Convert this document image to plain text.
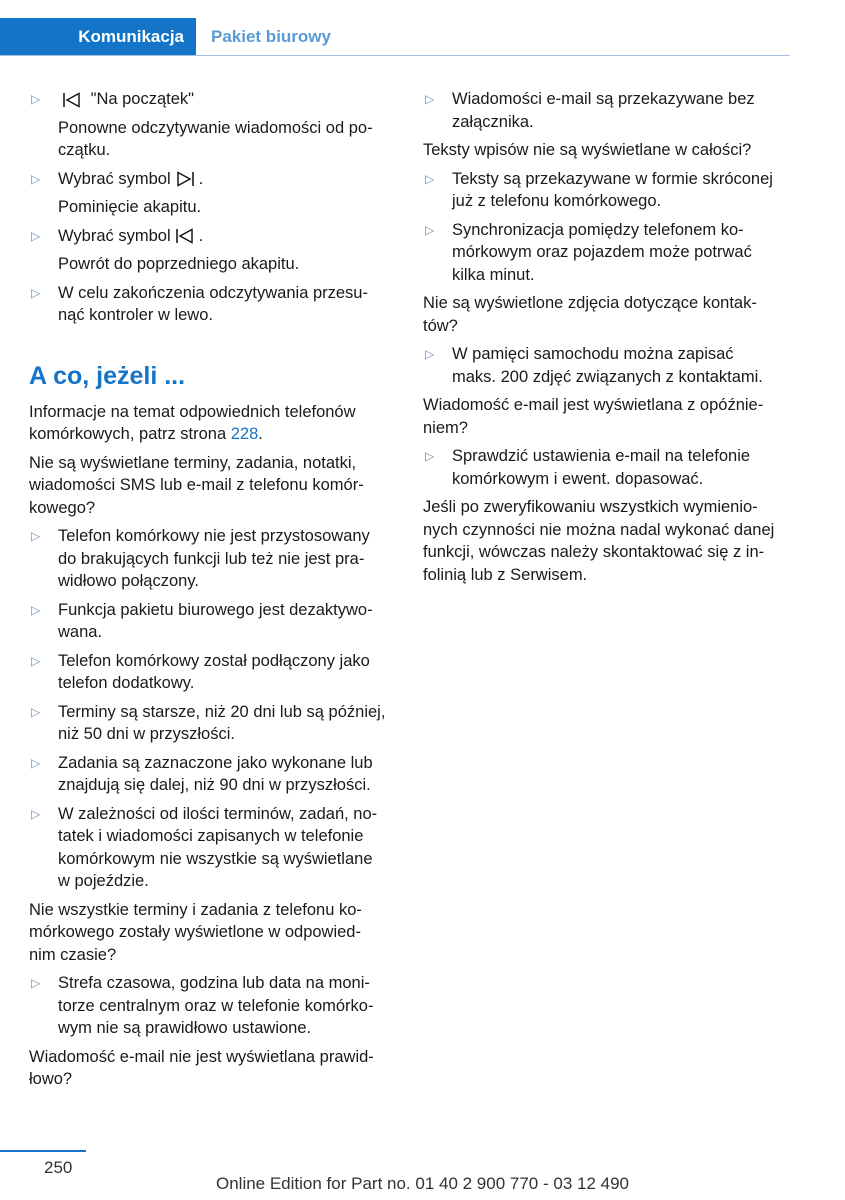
Komunikacja	Pakiet biurowy
▷	"Na początek"
Ponowne odczytywanie wiadomości od po-
czątku.
▷ Wybrać symbol .
Pominięcie akapitu.
▷ Wybrać symbol .
Powrót do poprzedniego akapitu.
▷ W celu zakończenia odczytywania przesu-
nąć kontroler w lewo.
A co, jeżeli ...
Informacje na temat odpowiednich telefonów
komórkowych, patrz strona 228.
Nie są wyświetlane terminy, zadania, notatki,
wiadomości SMS lub e-mail z telefonu komór-
kowego?
▷ Telefon komórkowy nie jest przystosowany
do brakujących funkcji lub też nie jest pra-
widłowo połączony.
▷ Funkcja pakietu biurowego jest dezaktywo-
wana.
▷ Telefon komórkowy został podłączony jako
telefon dodatkowy.
▷ Terminy są starsze, niż 20 dni lub są później,
niż 50 dni w przyszłości.
▷ Zadania są zaznaczone jako wykonane lub
znajdują się dalej, niż 90 dni w przyszłości.
▷ W zależności od ilości terminów, zadań, no-
tatek i wiadomości zapisanych w telefonie
komórkowym nie wszystkie są wyświetlane
w pojeździe.
Nie wszystkie terminy i zadania z telefonu ko-
mórkowego zostały wyświetlone w odpowied-
nim czasie?
▷ Strefa czasowa, godzina lub data na moni-
torze centralnym oraz w telefonie komórko-
wym nie są prawidłowo ustawione.
Wiadomość e-mail nie jest wyświetlana prawid-
łowo?
▷ Wiadomości e-mail są przekazywane bez
załącznika.
Teksty wpisów nie są wyświetlane w całości?
▷ Teksty są przekazywane w formie skróconej
już z telefonu komórkowego.
▷ Synchronizacja pomiędzy telefonem ko-
mórkowym oraz pojazdem może potrwać
kilka minut.
Nie są wyświetlone zdjęcia dotyczące kontak-
tów?
▷ W pamięci samochodu można zapisać
maks. 200 zdjęć związanych z kontaktami.
Wiadomość e-mail jest wyświetlana z opóźnie-
niem?
▷ Sprawdzić ustawienia e-mail na telefonie
komórkowym i ewent. dopasować.
Jeśli po zweryfikowaniu wszystkich wymienio-
nych czynności nie można nadal wykonać danej
funkcji, wówczas należy skontaktować się z in-
folinią lub z Serwisem.
250
Online Edition for Part no. 01 40 2 900 770 - 03 12 490
